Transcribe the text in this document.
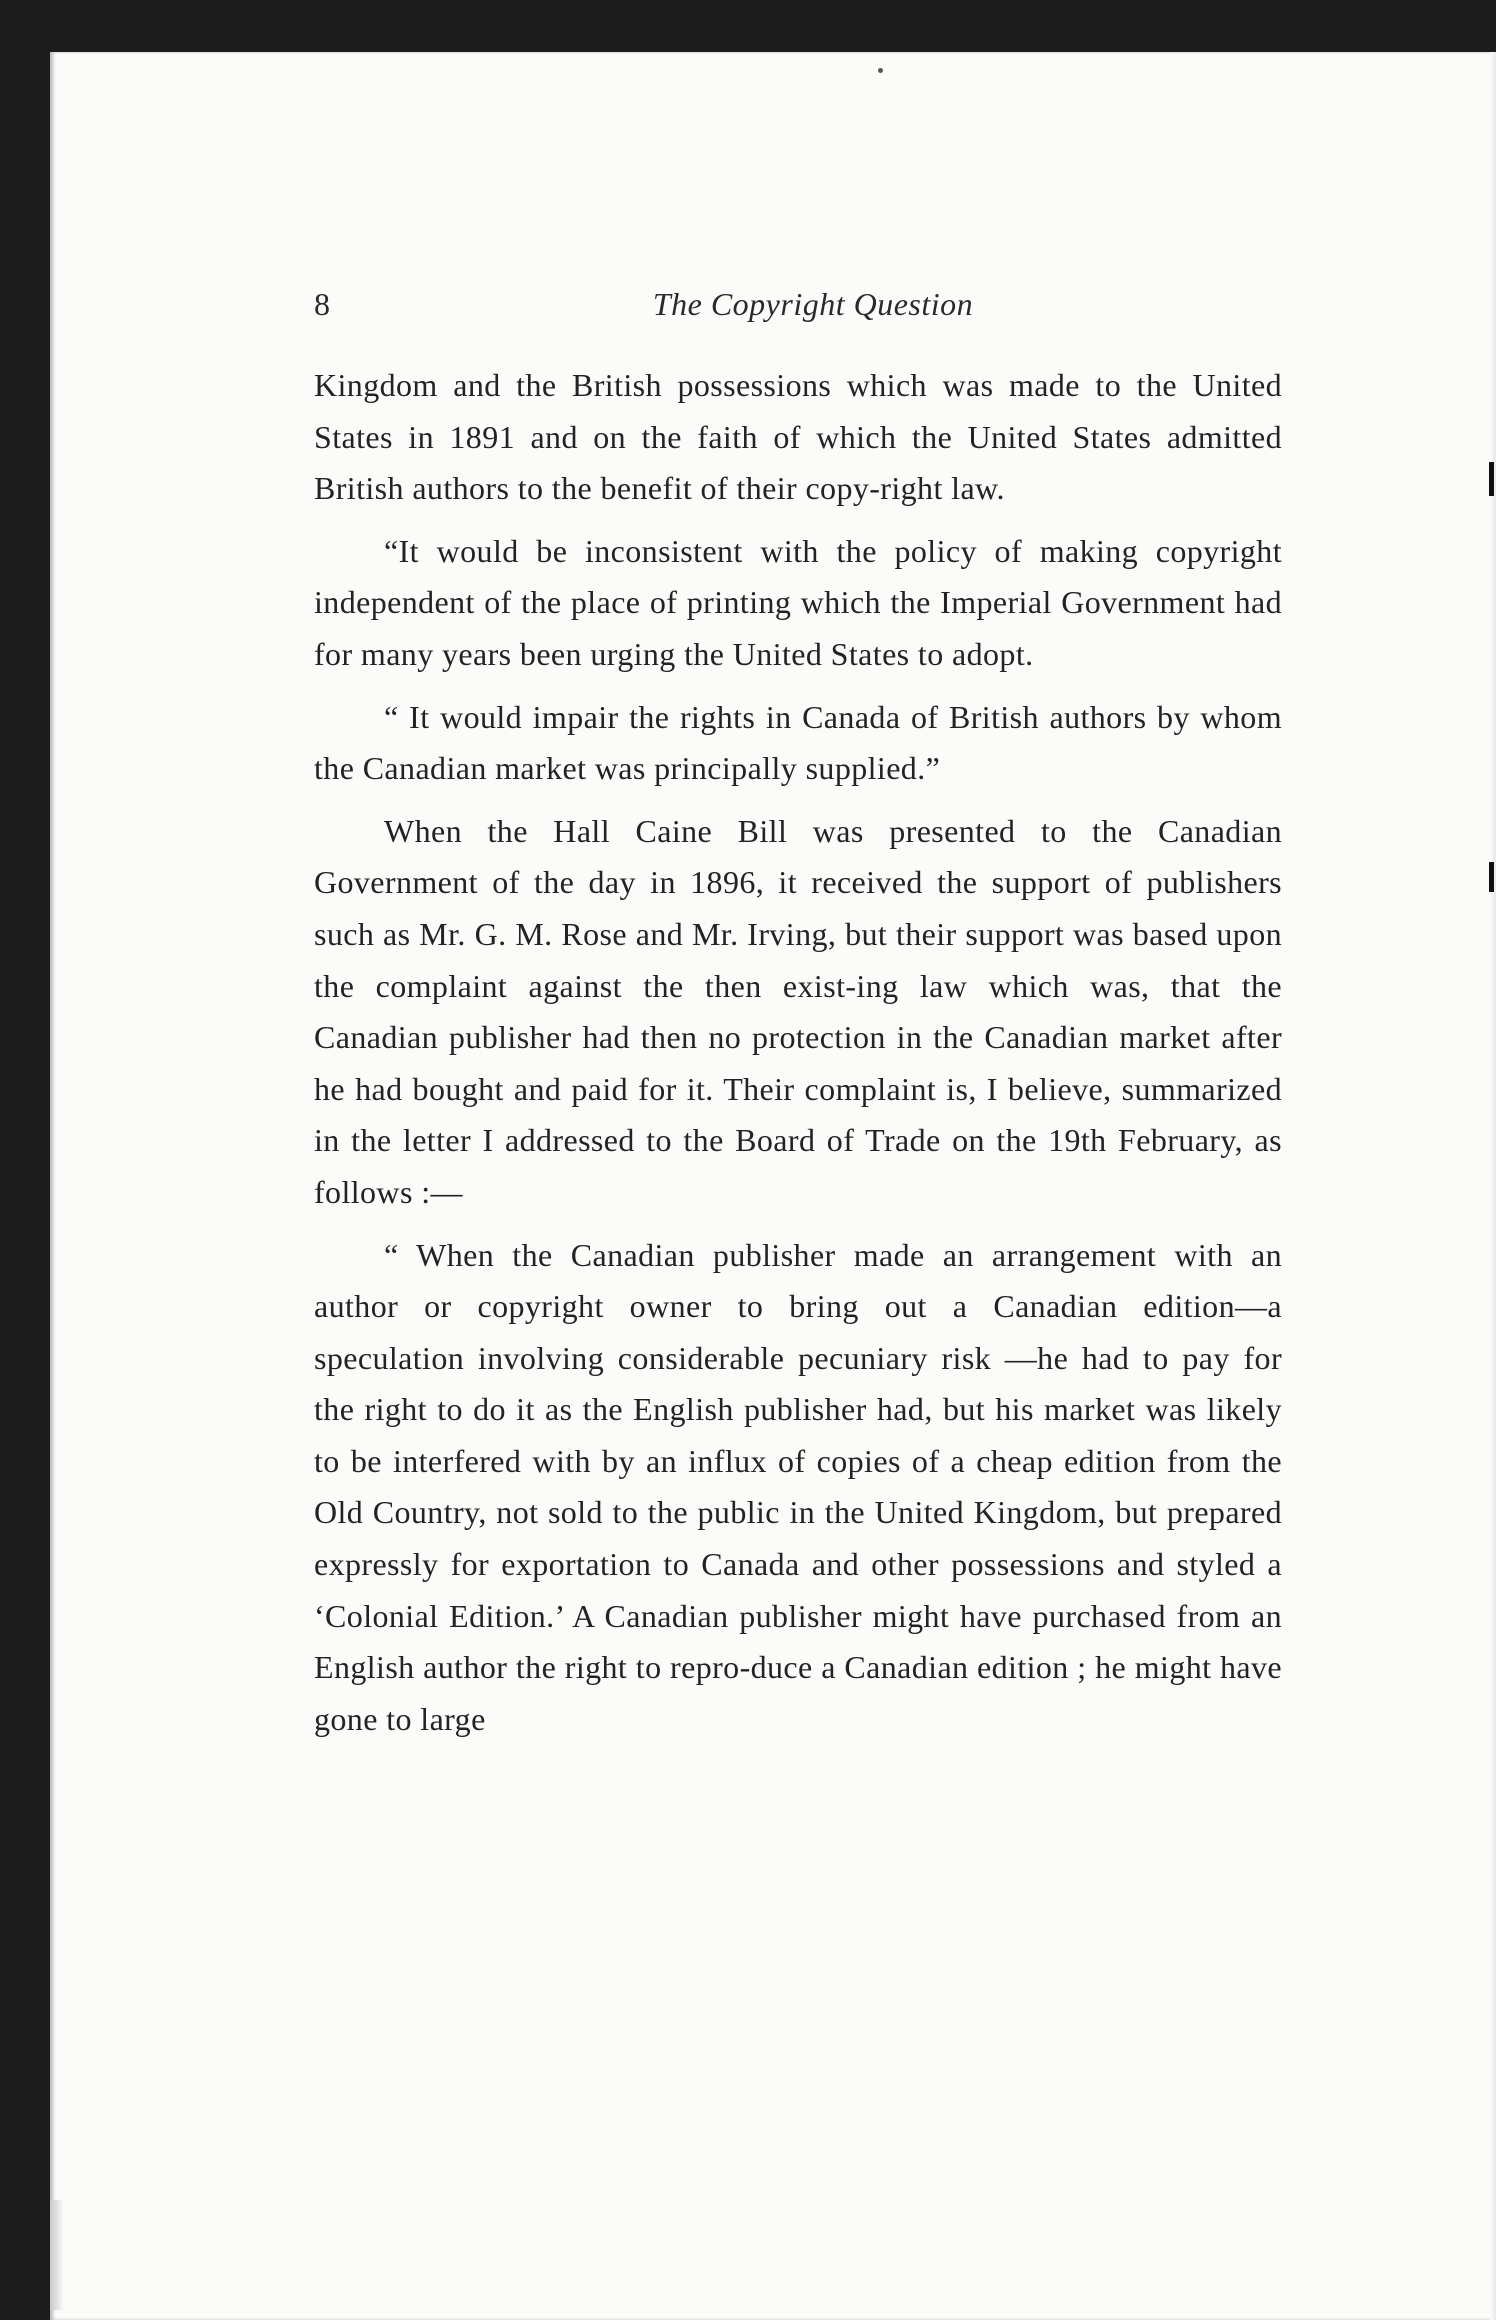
8	The Copyright Question

Kingdom and the British possessions which was made to the United States in 1891 and on the faith of which the United States admitted British authors to the benefit of their copy-right law.

“It would be inconsistent with the policy of making copyright independent of the place of printing which the Imperial Government had for many years been urging the United States to adopt.

“ It would impair the rights in Canada of British authors by whom the Canadian market was principally supplied.”

When the Hall Caine Bill was presented to the Canadian Government of the day in 1896, it received the support of publishers such as Mr. G. M. Rose and Mr. Irving, but their support was based upon the complaint against the then exist-ing law which was, that the Canadian publisher had then no protection in the Canadian market after he had bought and paid for it. Their complaint is, I believe, summarized in the letter I addressed to the Board of Trade on the 19th February, as follows :—

“ When the Canadian publisher made an arrangement with an author or copyright owner to bring out a Canadian edition—a speculation involving considerable pecuniary risk —he had to pay for the right to do it as the English publisher had, but his market was likely to be interfered with by an influx of copies of a cheap edition from the Old Country, not sold to the public in the United Kingdom, but prepared expressly for exportation to Canada and other possessions and styled a ‘Colonial Edition.’ A Canadian publisher might have purchased from an English author the right to repro-duce a Canadian edition ; he might have gone to large
